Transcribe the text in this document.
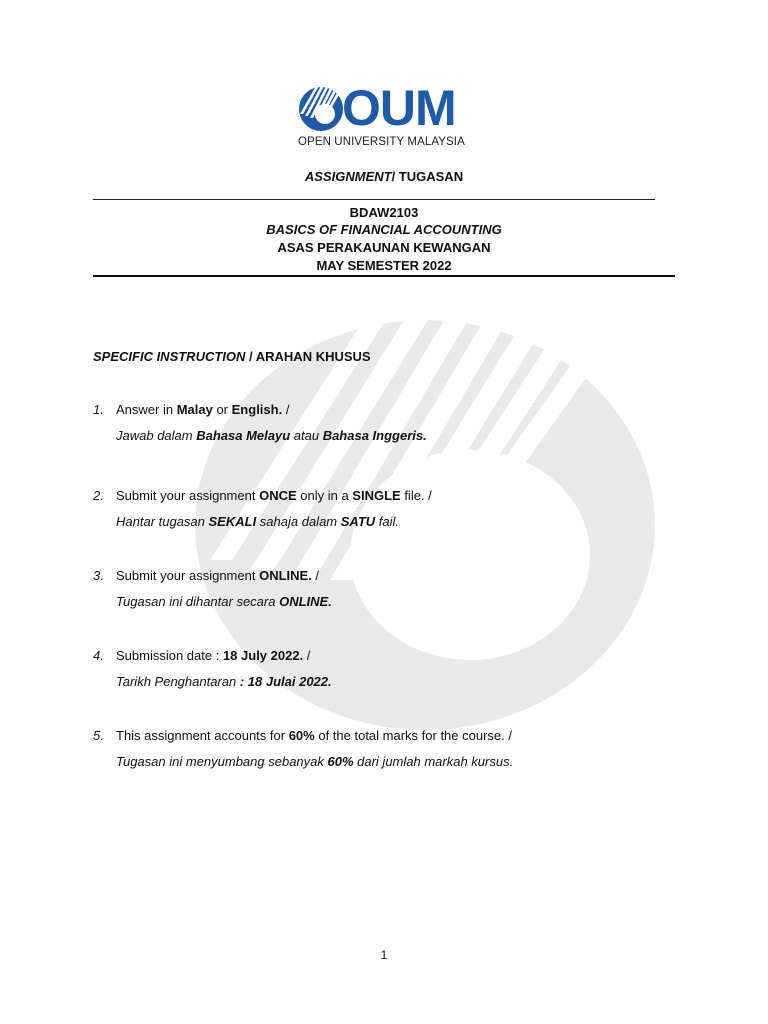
OUM
OPEN UNIVERSITY MALAYSIA
ASSIGNMENT/ TUGASAN
BDAW2103
BASICS OF FINANCIAL ACCOUNTING
ASAS PERAKAUNAN KEWANGAN
MAY SEMESTER 2022
SPECIFIC INSTRUCTION / ARAHAN KHUSUS
1. Answer in Malay or English. /
Jawab dalam Bahasa Melayu atau Bahasa Inggeris.
2. Submit your assignment ONCE only in a SINGLE file. /
Hantar tugasan SEKALI sahaja dalam SATU fail.
3. Submit your assignment ONLINE. /
Tugasan ini dihantar secara ONLINE.
4. Submission date : 18 July 2022. /
Tarikh Penghantaran : 18 Julai 2022.
5. This assignment accounts for 60% of the total marks for the course. /
Tugasan ini menyumbang sebanyak 60% dari jumlah markah kursus.
1
